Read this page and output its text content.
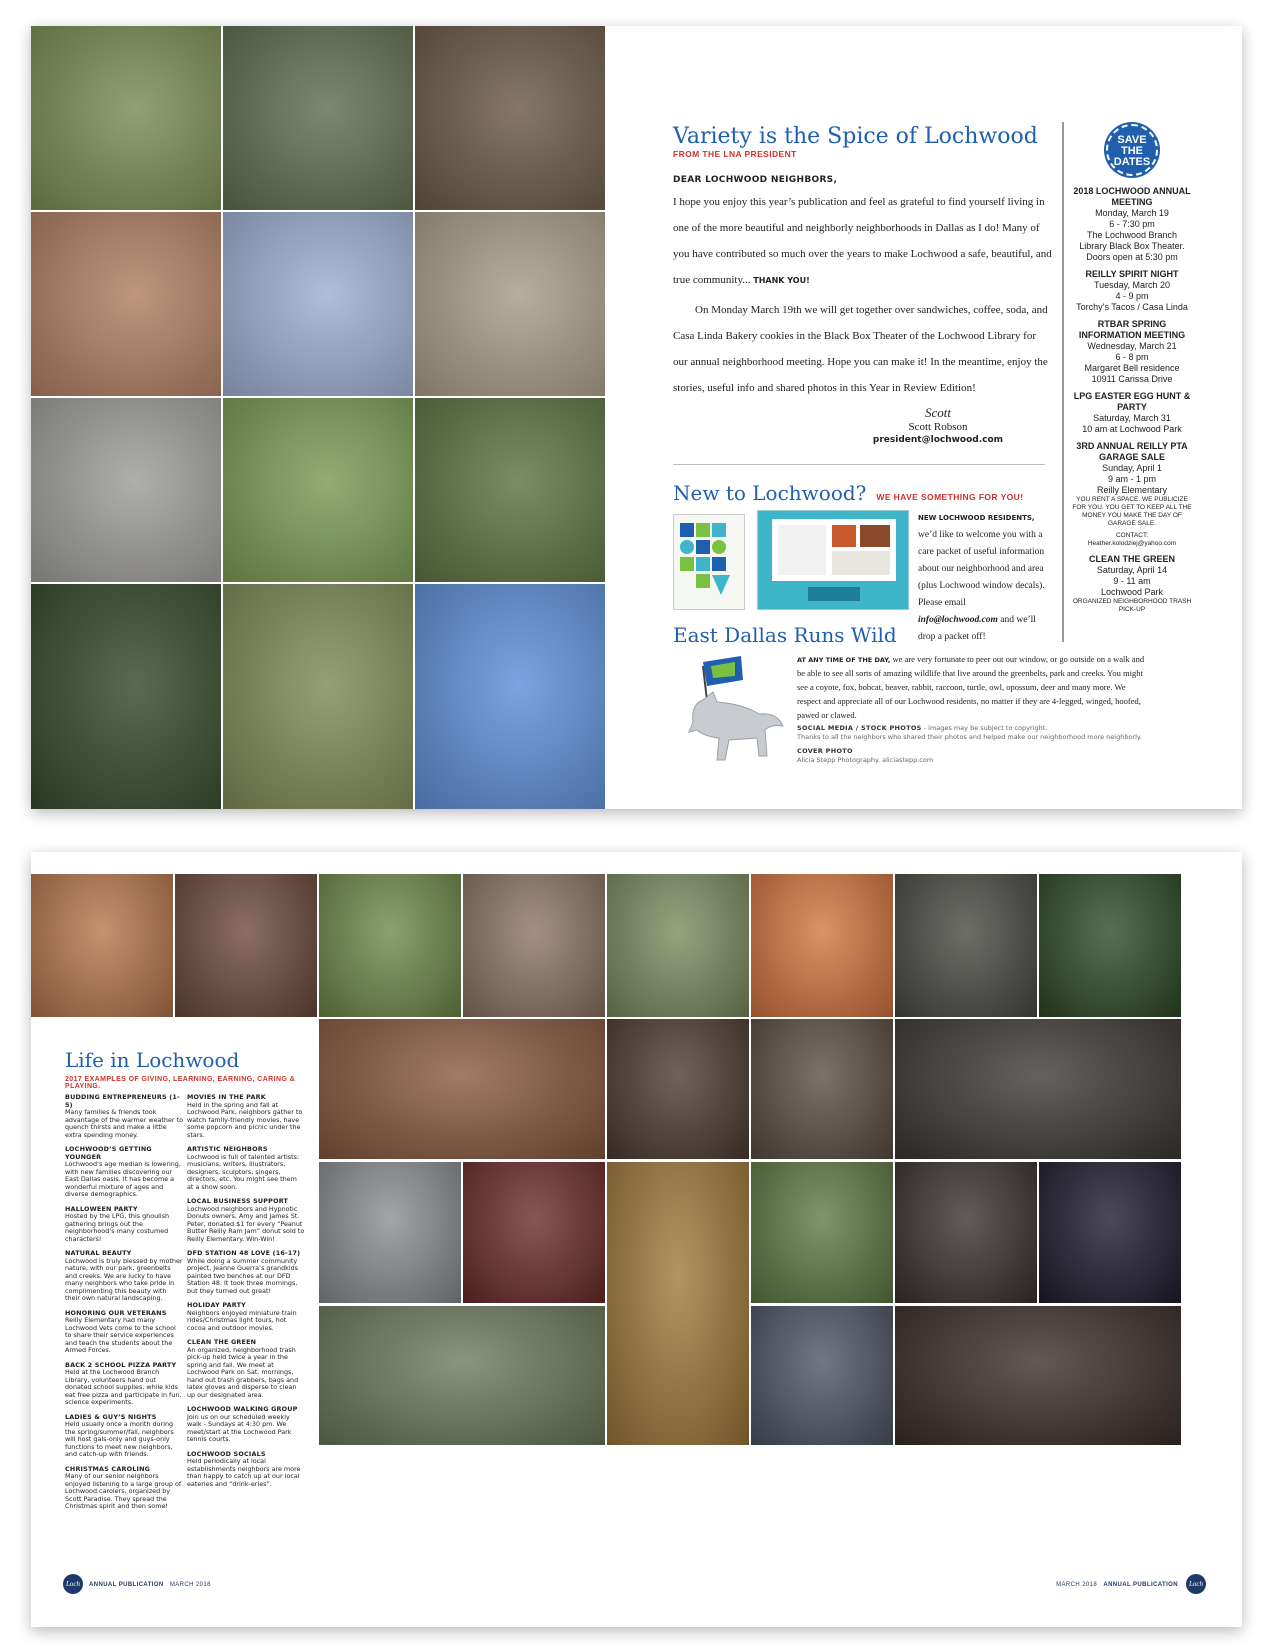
Variety is the Spice of Lochwood
FROM THE LNA PRESIDENT
DEAR LOCHWOOD NEIGHBORS,

I hope you enjoy this year’s publication and feel as grateful to find yourself living in one of the more beautiful and neighborly neighborhoods in Dallas as I do! Many of you have contributed so much over the years to make Lochwood a safe, beautiful, and true community... THANK YOU!

On Monday March 19th we will get together over sandwiches, coffee, soda, and Casa Linda Bakery cookies in the Black Box Theater of the Lochwood Library for our annual neighborhood meeting. Hope you can make it! In the meantime, enjoy the stories, useful info and shared photos in this Year in Review Edition!

Scott
Scott Robson
president@lochwood.com
SAVE THE DATES
2018 LOCHWOOD ANNUAL MEETING
Monday, March 19
6 - 7:30 pm
The Lochwood Branch Library Black Box Theater.
Doors open at 5:30 pm
REILLY SPIRIT NIGHT
Tuesday, March 20
4 - 9 pm
Torchy’s Tacos / Casa Linda
RTBAR SPRING INFORMATION MEETING
Wednesday, March 21
6 - 8 pm
Margaret Bell residence
10911 Carissa Drive
LPG EASTER EGG HUNT & PARTY
Saturday, March 31
10 am at Lochwood Park
3RD ANNUAL REILLY PTA GARAGE SALE
Sunday, April 1
9 am - 1 pm
Reilly Elementary
YOU RENT A SPACE. WE PUBLICIZE FOR YOU. YOU GET TO KEEP ALL THE MONEY YOU MAKE THE DAY OF GARAGE SALE.
CONTACT:
Heather.kolodziej@yahoo.com
CLEAN THE GREEN
Saturday, April 14
9 - 11 am
Lochwood Park
ORGANIZED NEIGHBORHOOD TRASH PICK-UP
New to Lochwood? WE HAVE SOMETHING FOR YOU!
NEW LOCHWOOD RESIDENTS, we’d like to welcome you with a care packet of useful information about our neighborhood and area (plus Lochwood window decals). Please email info@lochwood.com and we’ll drop a packet off!
East Dallas Runs Wild
AT ANY TIME OF THE DAY, we are very fortunate to peer out our window, or go outside on a walk and be able to see all sorts of amazing wildlife that live around the greenbelts, park and creeks. You might see a coyote, fox, bobcat, beaver, rabbit, raccoon, turtle, owl, opossum, deer and many more. We respect and appreciate all of our Lochwood residents, no matter if they are 4-legged, winged, hoofed, pawed or clawed.
SOCIAL MEDIA / STOCK PHOTOS - images may be subject to copyright.
Thanks to all the neighbors who shared their photos and helped make our neighborhood more neighborly.
COVER PHOTO
Alicia Stepp Photography. aliciastepp.com
Life in Lochwood
2017 EXAMPLES OF GIVING, LEARNING, EARNING, CARING & PLAYING.
BUDDING ENTREPRENEURS (1-5)
Many families & friends took advantage of the warmer weather to quench thirsts and make a little extra spending money.
LOCHWOOD’S GETTING YOUNGER
Lochwood’s age median is lowering, with new families discovering our East Dallas oasis. It has become a wonderful mixture of ages and diverse demographics.
HALLOWEEN PARTY
Hosted by the LPG, this ghoulish gathering brings out the neighborhood’s many costumed characters!
NATURAL BEAUTY
Lochwood is truly blessed by mother nature, with our park, greenbelts and creeks. We are lucky to have many neighbors who take pride in complimenting this beauty with their own natural landscaping.
HONORING OUR VETERANS
Reilly Elementary had many Lochwood Vets come to the school to share their service experiences and teach the students about the Armed Forces.
BACK 2 SCHOOL PIZZA PARTY
Held at the Lochwood Branch Library, volunteers hand out donated school supplies, while kids eat free pizza and participate in fun, science experiments.
LADIES & GUY’S NIGHTS
Held usually once a month during the spring/summer/fall, neighbors will host gals-only and guys-only functions to meet new neighbors, and catch-up with friends.
CHRISTMAS CAROLING
Many of our senior neighbors enjoyed listening to a large group of Lochwood carolers, organized by Scott Paradise. They spread the Christmas spirit and then some!
MOVIES IN THE PARK
Held in the spring and fall at Lochwood Park, neighbors gather to watch family-friendly movies, have some popcorn and picnic under the stars.
ARTISTIC NEIGHBORS
Lochwood is full of talented artists: musicians, writers, illustrators, designers, sculptors, singers, directors, etc. You might see them at a show soon.
LOCAL BUSINESS SUPPORT
Lochwood neighbors and Hypnotic Donuts owners, Amy and James St. Peter, donated $1 for every “Peanut Butter Reilly Ram Jam” donut sold to Reilly Elementary. Win-Win!
DFD STATION 48 LOVE (16-17)
While doing a summer community project, Jeanne Guerra’s grandkids painted two benches at our DFD Station 48. It took three mornings, but they turned out great!
HOLIDAY PARTY
Neighbors enjoyed miniature train rides/Christmas light tours, hot cocoa and outdoor movies.
CLEAN THE GREEN
An organized, neighborhood trash pick-up held twice a year in the spring and fall. We meet at Lochwood Park on Sat. mornings, hand out trash grabbers, bags and latex gloves and disperse to clean up our designated area.
LOCHWOOD WALKING GROUP
Join us on our scheduled weekly walk - Sundays at 4:30 pm. We meet/start at the Lochwood Park tennis courts.
LOCHWOOD SOCIALS
Held periodically at local establishments neighbors are more than happy to catch up at our local eateries and “drink-eries”.
Loch	ANNUAL PUBLICATION MARCH 2018	MARCH 2018 ANNUAL PUBLICATION	Loch
